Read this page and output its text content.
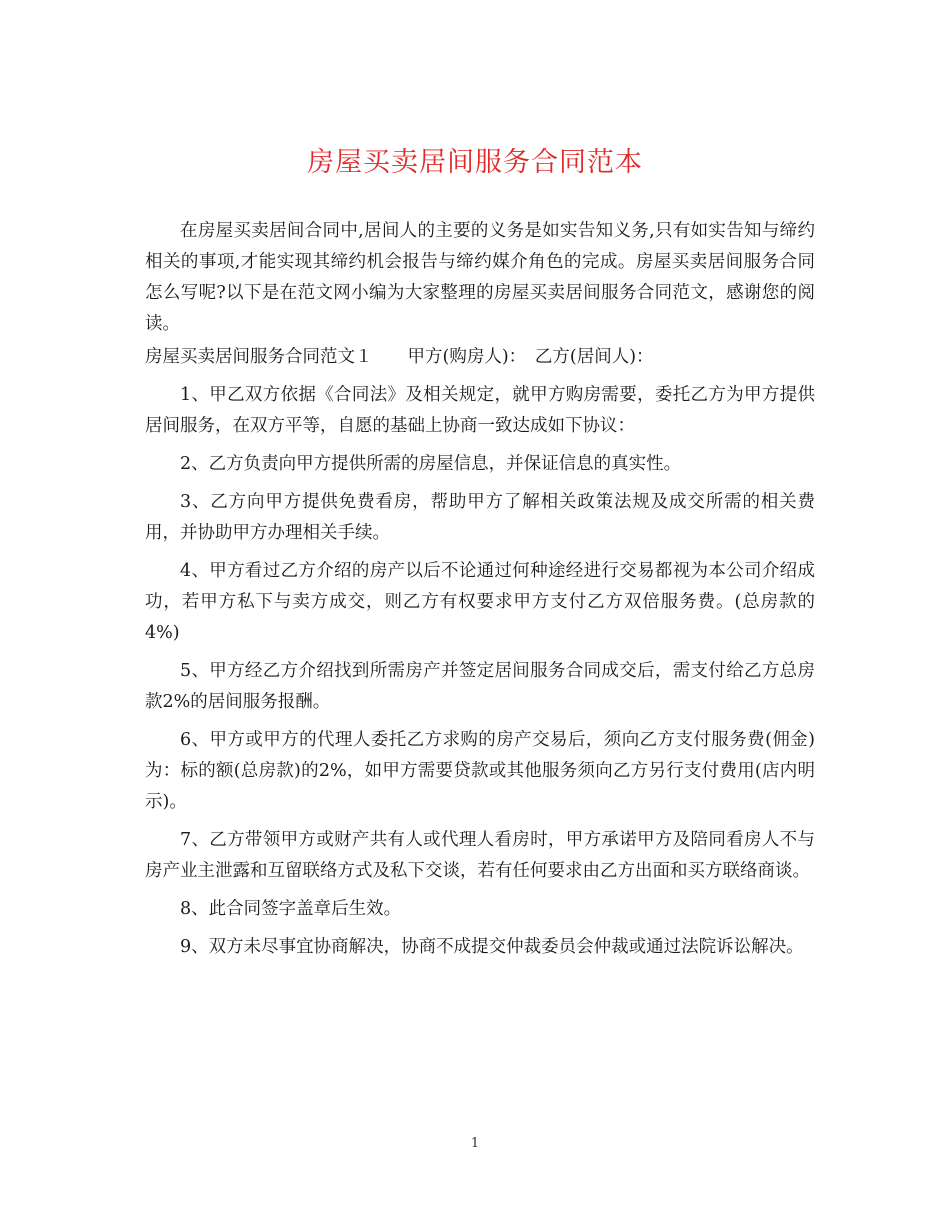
房屋买卖居间服务合同范本

在房屋买卖居间合同中,居间人的主要的义务是如实告知义务,只有如实告知与缔约相关的事项,才能实现其缔约机会报告与缔约媒介角色的完成。房屋买卖居间服务合同怎么写呢?以下是在范文网小编为大家整理的房屋买卖居间服务合同范文，感谢您的阅读。

房屋买卖居间服务合同范文１　　甲方(购房人)：　乙方(居间人)：

1、甲乙双方依据《合同法》及相关规定，就甲方购房需要，委托乙方为甲方提供居间服务，在双方平等，自愿的基础上协商一致达成如下协议：

2、乙方负责向甲方提供所需的房屋信息，并保证信息的真实性。

3、乙方向甲方提供免费看房，帮助甲方了解相关政策法规及成交所需的相关费用，并协助甲方办理相关手续。

4、甲方看过乙方介绍的房产以后不论通过何种途经进行交易都视为本公司介绍成功，若甲方私下与卖方成交，则乙方有权要求甲方支付乙方双倍服务费。(总房款的4%)

5、甲方经乙方介绍找到所需房产并签定居间服务合同成交后，需支付给乙方总房款2%的居间服务报酬。

6、甲方或甲方的代理人委托乙方求购的房产交易后，须向乙方支付服务费(佣金)为：标的额(总房款)的2%，如甲方需要贷款或其他服务须向乙方另行支付费用(店内明示)。

7、乙方带领甲方或财产共有人或代理人看房时，甲方承诺甲方及陪同看房人不与房产业主泄露和互留联络方式及私下交谈，若有任何要求由乙方出面和买方联络商谈。

8、此合同签字盖章后生效。

9、双方未尽事宜协商解决，协商不成提交仲裁委员会仲裁或通过法院诉讼解决。

1
